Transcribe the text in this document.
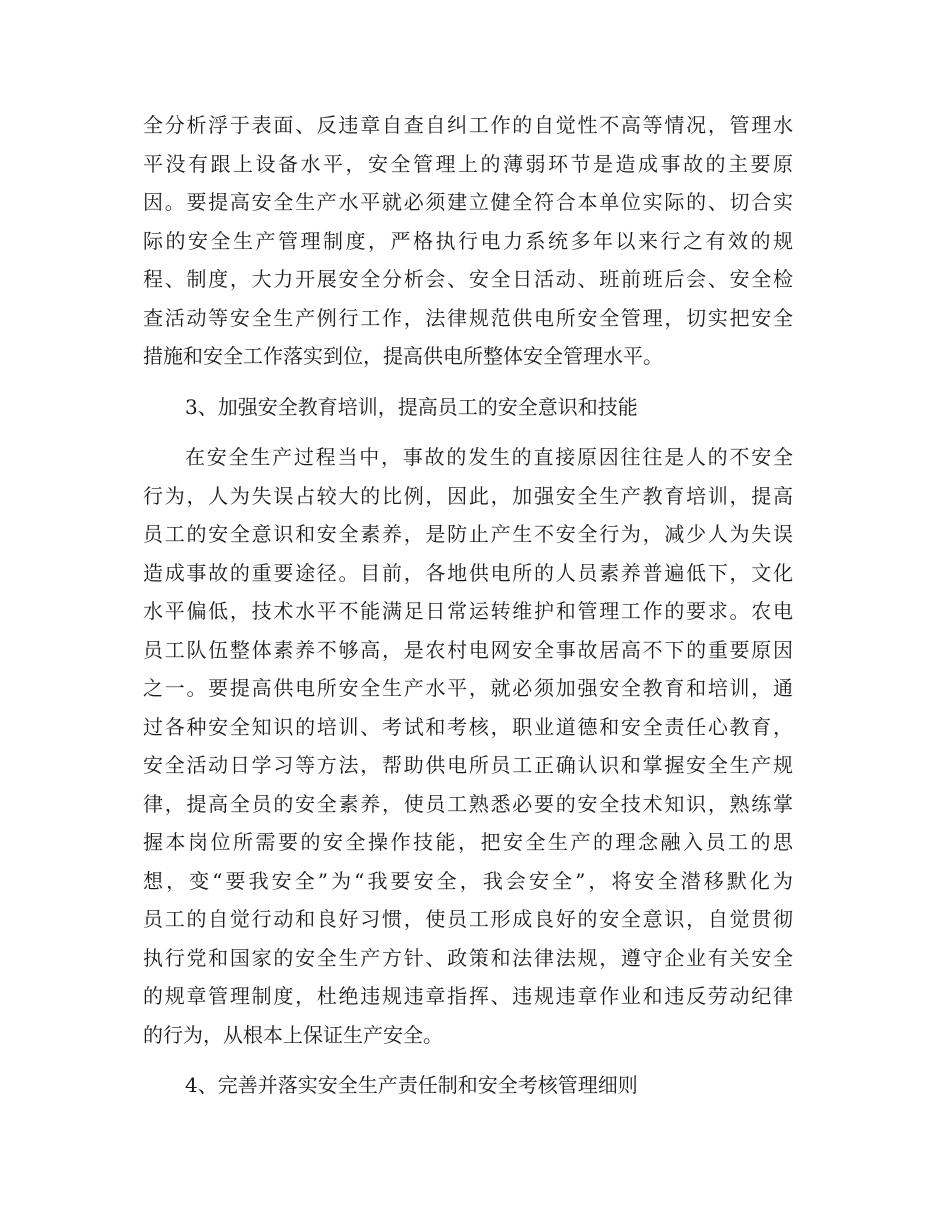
全分析浮于表面、反违章自查自纠工作的自觉性不高等情况，管理水
平没有跟上设备水平，安全管理上的薄弱环节是造成事故的主要原
因。要提高安全生产水平就必须建立健全符合本单位实际的、切合实
际的安全生产管理制度，严格执行电力系统多年以来行之有效的规
程、制度，大力开展安全分析会、安全日活动、班前班后会、安全检
查活动等安全生产例行工作，法律规范供电所安全管理，切实把安全
措施和安全工作落实到位，提高供电所整体安全管理水平。
3、加强安全教育培训，提高员工的安全意识和技能
在安全生产过程当中，事故的发生的直接原因往往是人的不安全
行为，人为失误占较大的比例，因此，加强安全生产教育培训，提高
员工的安全意识和安全素养，是防止产生不安全行为，减少人为失误
造成事故的重要途径。目前，各地供电所的人员素养普遍低下，文化
水平偏低，技术水平不能满足日常运转维护和管理工作的要求。农电
员工队伍整体素养不够高，是农村电网安全事故居高不下的重要原因
之一。要提高供电所安全生产水平，就必须加强安全教育和培训，通
过各种安全知识的培训、考试和考核，职业道德和安全责任心教育，
安全活动日学习等方法，帮助供电所员工正确认识和掌握安全生产规
律，提高全员的安全素养，使员工熟悉必要的安全技术知识，熟练掌
握本岗位所需要的安全操作技能，把安全生产的理念融入员工的思
想，变“要我安全”为“我要安全，我会安全”，将安全潜移默化为
员工的自觉行动和良好习惯，使员工形成良好的安全意识，自觉贯彻
执行党和国家的安全生产方针、政策和法律法规，遵守企业有关安全
的规章管理制度，杜绝违规违章指挥、违规违章作业和违反劳动纪律
的行为，从根本上保证生产安全。
4、完善并落实安全生产责任制和安全考核管理细则
